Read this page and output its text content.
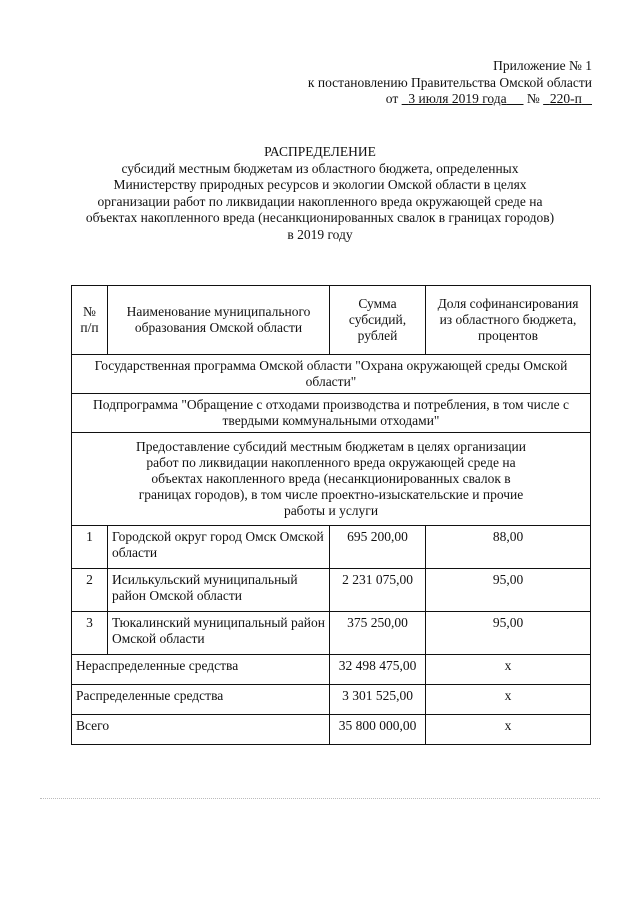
Приложение № 1
к постановлению Правительства Омской области
от 3 июля 2019 года № 220-п
РАСПРЕДЕЛЕНИЕ
субсидий местным бюджетам из областного бюджета, определенных Министерству природных ресурсов и экологии Омской области в целях организации работ по ликвидации накопленного вреда окружающей среде на объектах накопленного вреда (несанкционированных свалок в границах городов) в 2019 году
№ п/п	Наименование муниципального образования Омской области	Сумма субсидий, рублей	Доля софинансирования из областного бюджета, процентов
Государственная программа Омской области "Охрана окружающей среды Омской области"			
Подпрограмма "Обращение с отходами производства и потребления, в том числе с твердыми коммунальными отходами"			
Предоставление субсидий местным бюджетам в целях организации работ по ликвидации накопленного вреда окружающей среде на объектах накопленного вреда (несанкционированных свалок в границах городов), в том числе проектно-изыскательские и прочие работы и услуги			
1	Городской округ город Омск Омской области	695 200,00	88,00
2	Исилькульский муниципальный район Омской области	2 231 075,00	95,00
3	Тюкалинский муниципальный район Омской области	375 250,00	95,00
Нераспределенные средства		32 498 475,00	x
Распределенные средства		3 301 525,00	x
Всего		35 800 000,00	x
